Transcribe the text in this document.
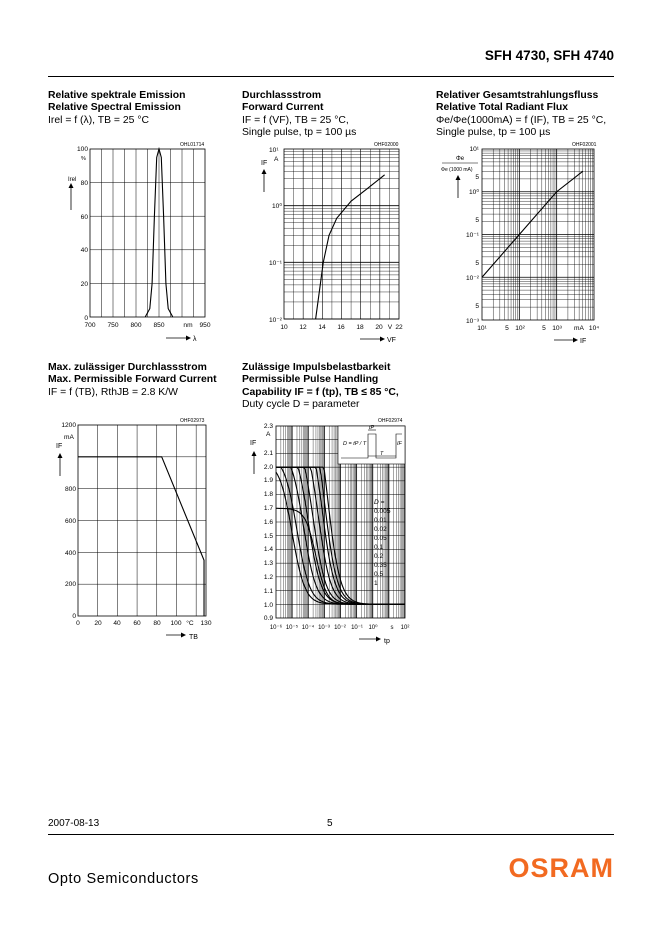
SFH 4730, SFH 4740
Relative spektrale Emission
Relative Spectral Emission
Irel = f (λ), TB = 25 °C
Durchlassstrom
Forward Current
IF = f (VF), TB = 25 °C,
Single pulse, tp = 100 µs
Relativer Gesamtstrahlungsfluss
Relative Total Radiant Flux
Φe/Φe(1000mA) = f (IF), TB = 25 °C,
Single pulse, tp = 100 µs
Max. zulässiger Durchlassstrom
Max. Permissible Forward Current
IF = f (TB), RthJB = 2.8 K/W
Zulässige Impulsbelastbarkeit
Permissible Pulse Handling
Capability IF = f (tp), TB ≤ 85 °C,
Duty cycle D = parameter
OHL01714
%
Irel
100
80
60
40
20
0
700 750 800 850	nm 950
λ
OHF02000
10¹
A
IF
10⁰
10⁻¹
10⁻²
10 12 14 16 18 20 V 22
VF
OHF02001
Φe
Φe (1000 mA)
10¹
5
10⁰
5
10⁻¹
5
10⁻²
5
10⁻³
10¹	5 10²	5 10³ mA 10⁴
IF
OHF02973
1200
mA
IF
800
600
400
200
0
0 20 40 60 80 100 °C 130
TB
OHF02974
A
IF
tP
D = tP / T
T
IF
D =
0.005
0.01
0.02
0.05
0.1
0.2
0.35
0.5
1
2.3
2.1
2.0
1.9
1.8
1.7
1.6
1.5
1.4
1.3
1.2
1.1
1.0
0.9
10⁻⁶ 10⁻⁵ 10⁻⁴ 10⁻³ 10⁻² 10⁻¹ 10⁰ s 10²
tp
2007-08-13	5
Opto Semiconductors	OSRAM
